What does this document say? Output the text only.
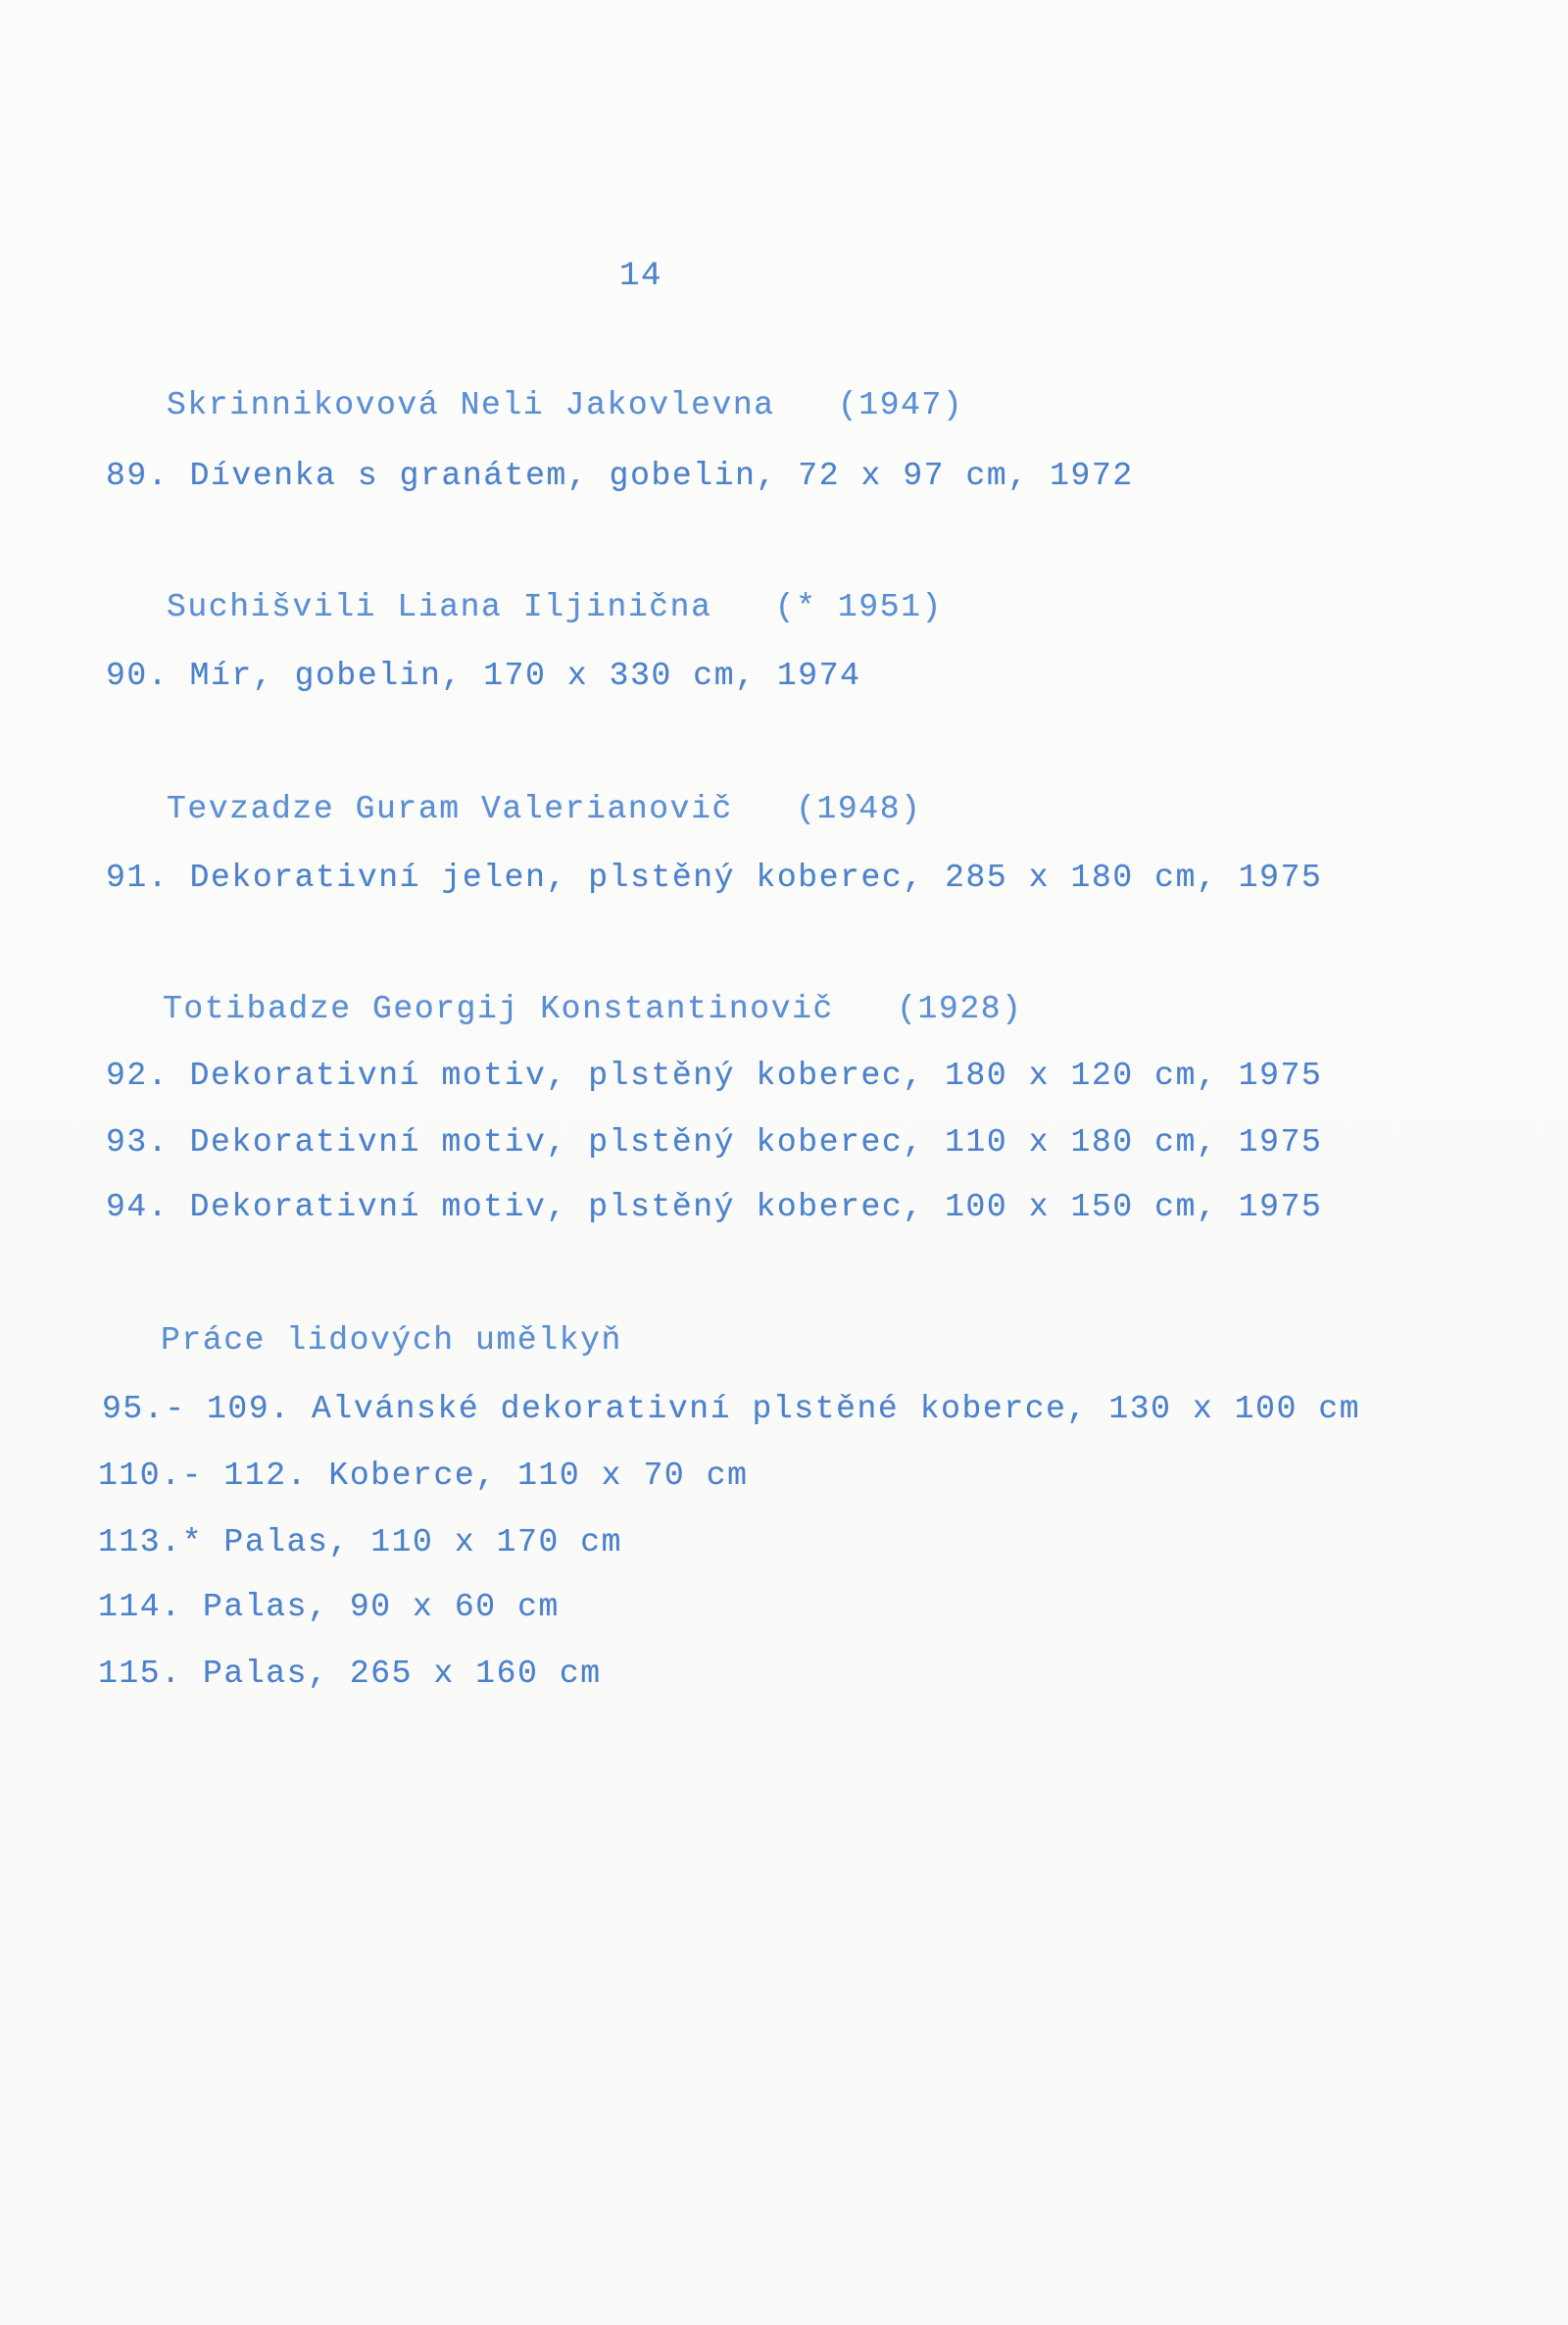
14
Skrinnikovová Neli Jakovlevna   (1947)
89. Dívenka s granátem, gobelin, 72 x 97 cm, 1972
Suchišvili Liana Iljinična   (* 1951)
90. Mír, gobelin, 170 x 330 cm, 1974
Tevzadze Guram Valerianovič   (1948)
91. Dekorativní jelen, plstěný koberec, 285 x 180 cm, 1975
Totibadze Georgij Konstantinovič   (1928)
92. Dekorativní motiv, plstěný koberec, 180 x 120 cm, 1975
93. Dekorativní motiv, plstěný koberec, 110 x 180 cm, 1975
94. Dekorativní motiv, plstěný koberec, 100 x 150 cm, 1975
Práce lidových umělkyň
95.- 109. Alvánské dekorativní plstěné koberce, 130 x 100 cm
110.- 112. Koberce, 110 x 70 cm
113.* Palas, 110 x 170 cm
114. Palas, 90 x 60 cm
115. Palas, 265 x 160 cm
